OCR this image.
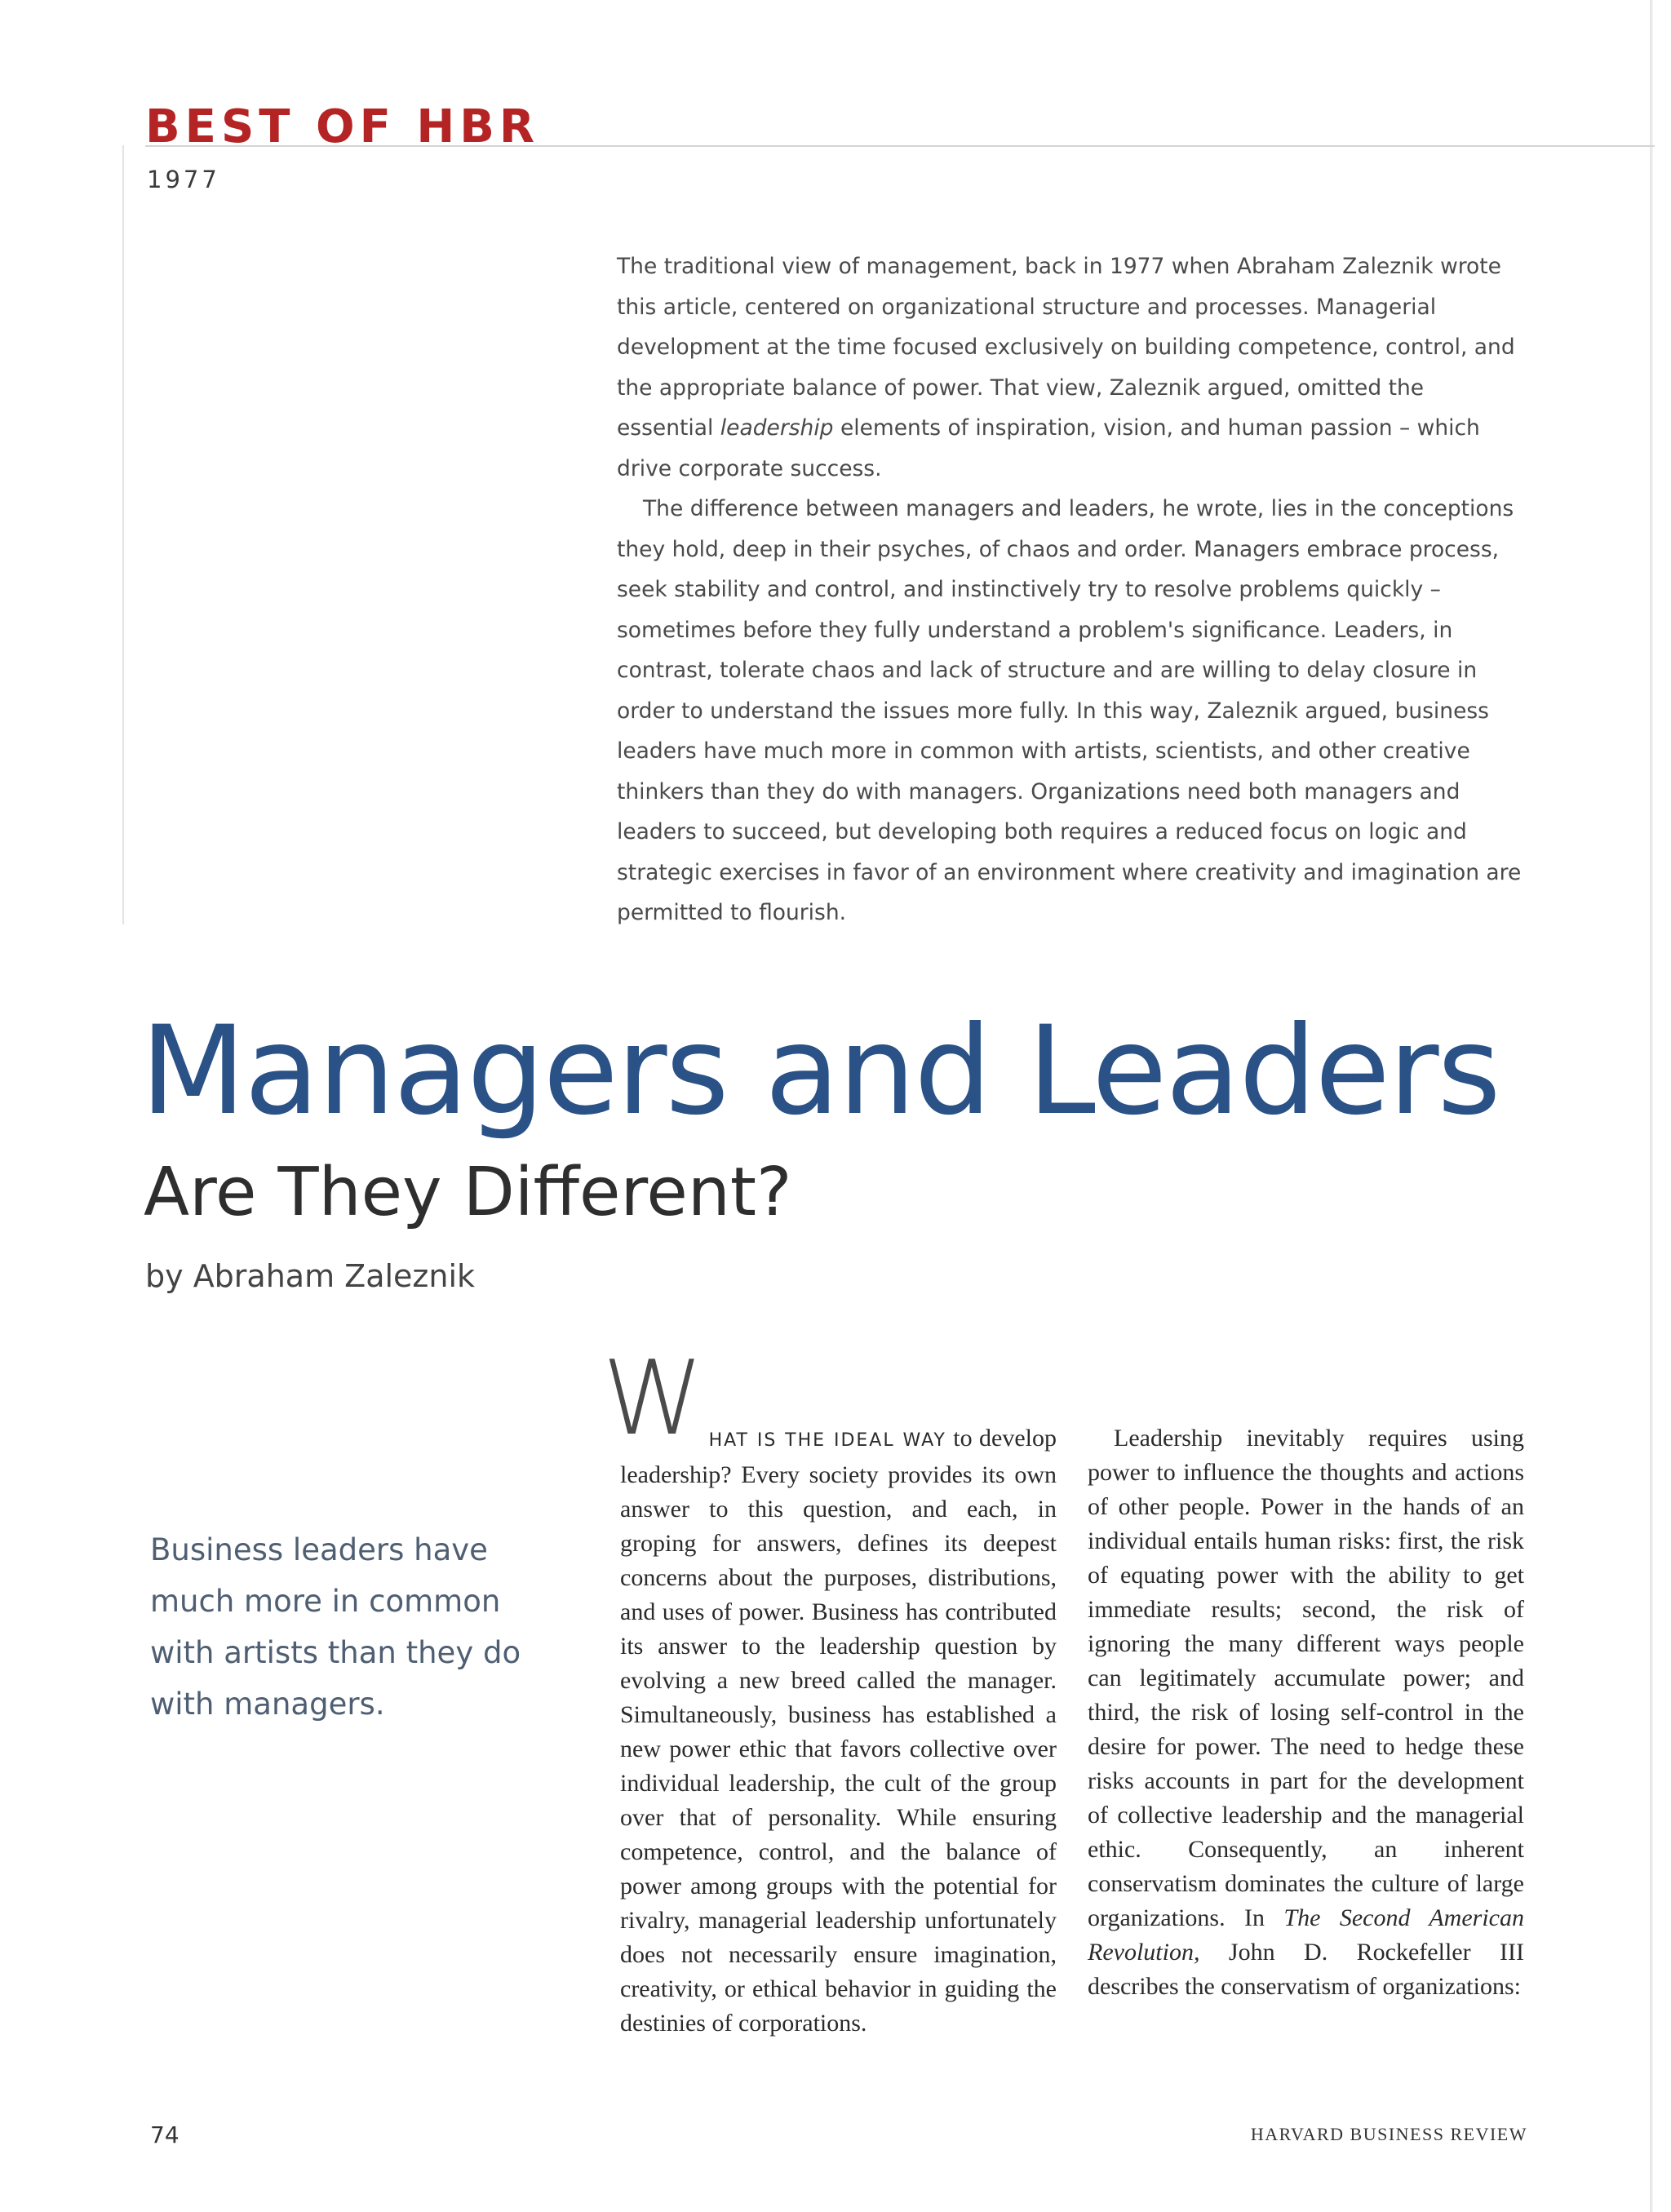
BEST OF HBR
1977

The traditional view of management, back in 1977 when Abraham Zaleznik wrote this article, centered on organizational structure and processes. Managerial development at the time focused exclusively on building competence, control, and the appropriate balance of power. That view, Zaleznik argued, omitted the essential leadership elements of inspiration, vision, and human passion – which drive corporate success.

The difference between managers and leaders, he wrote, lies in the conceptions they hold, deep in their psyches, of chaos and order. Managers embrace process, seek stability and control, and instinctively try to resolve problems quickly – sometimes before they fully understand a problem's significance. Leaders, in contrast, tolerate chaos and lack of structure and are willing to delay closure in order to understand the issues more fully. In this way, Zaleznik argued, business leaders have much more in common with artists, scientists, and other creative thinkers than they do with managers. Organizations need both managers and leaders to succeed, but developing both requires a reduced focus on logic and strategic exercises in favor of an environment where creativity and imagination are permitted to flourish.

Managers and Leaders
Are They Different?
by Abraham Zaleznik

Business leaders have much more in common with artists than they do with managers.

WHAT IS THE IDEAL WAY to develop leadership? Every society provides its own answer to this question, and each, in groping for answers, defines its deepest concerns about the purposes, distributions, and uses of power. Business has contributed its answer to the leadership question by evolving a new breed called the manager. Simultaneously, business has established a new power ethic that favors collective over individual leadership, the cult of the group over that of personality. While ensuring competence, control, and the balance of power among groups with the potential for rivalry, managerial leadership unfortunately does not necessarily ensure imagination, creativity, or ethical behavior in guiding the destinies of corporations.

Leadership inevitably requires using power to influence the thoughts and actions of other people. Power in the hands of an individual entails human risks: first, the risk of equating power with the ability to get immediate results; second, the risk of ignoring the many different ways people can legitimately accumulate power; and third, the risk of losing self-control in the desire for power. The need to hedge these risks accounts in part for the development of collective leadership and the managerial ethic. Consequently, an inherent conservatism dominates the culture of large organizations. In The Second American Revolution, John D. Rockefeller III describes the conservatism of organizations:

74	HARVARD BUSINESS REVIEW
